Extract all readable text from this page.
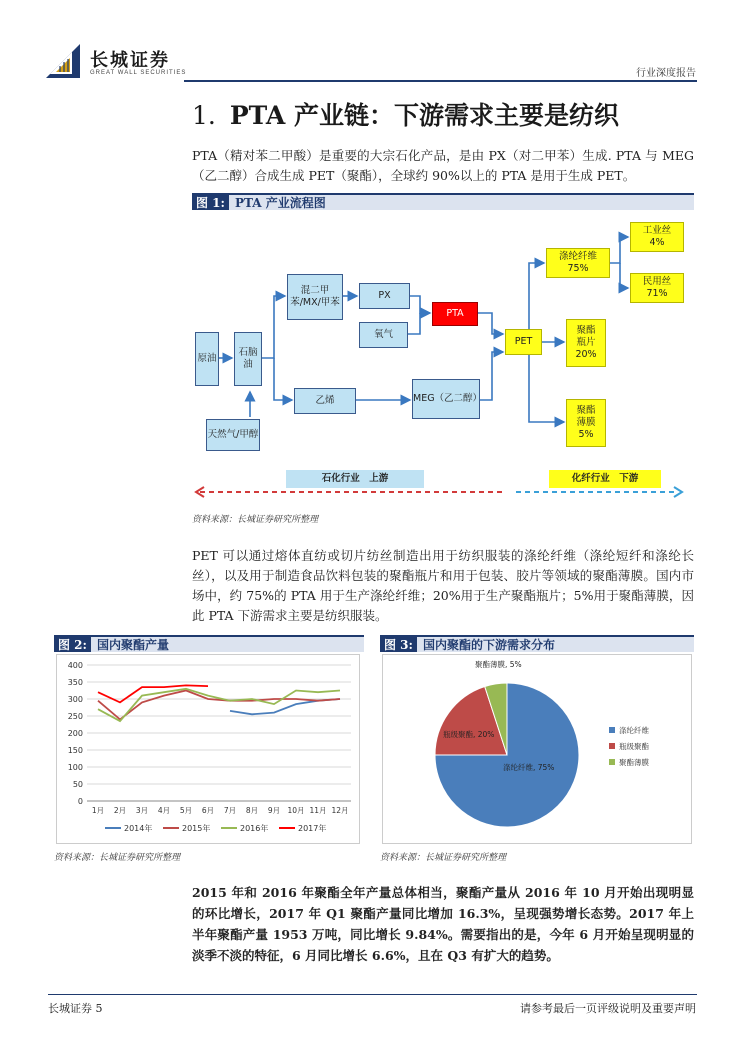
长城证券
GREAT WALL SECURITIES	行业深度报告
1. PTA 产业链：下游需求主要是纺织
PTA（精对苯二甲酸）是重要的大宗石化产品，是由 PX（对二甲苯）生成. PTA 与 MEG（乙二醇）合成生成 PET（聚酯），全球约 90%以上的 PTA 是用于生成 PET。
图 1: PTA 产业流程图
原油
石脑油
天然气/甲醇
混二甲苯/MX/甲苯
PX
氧气
PTA
乙烯	MEG（乙二醇）
PET
涤纶纤维
75%
聚酯瓶片
20%
聚酯薄膜
5%
工业丝
4%
民用丝
71%
石化行业　上游	化纤行业　下游
资料来源：长城证券研究所整理
PET 可以通过熔体直纺或切片纺丝制造出用于纺织服装的涤纶纤维（涤纶短纤和涤纶长丝），以及用于制造食品饮料包装的聚酯瓶片和用于包装、胶片等领域的聚酯薄膜。国内市场中，约 75%的 PTA 用于生产涤纶纤维；20%用于生产聚酯瓶片；5%用于聚酯薄膜，因此 PTA 下游需求主要是纺织服装。
图 2: 国内聚酯产量
0
50
100
150
200
250
300
350
400
1月 2月 3月 4月 5月 6月 7月 8月 9月 10月 11月 12月
2014年	2015年	2016年	2017年
资料来源：长城证券研究所整理
图 3: 国内聚酯的下游需求分布
涤纶纤维, 75%
瓶级聚酯, 20%
聚酯薄膜, 5%
涤纶纤维
瓶级聚酯
聚酯薄膜
资料来源：长城证券研究所整理
2015 年和 2016 年聚酯全年产量总体相当，聚酯产量从 2016 年 10 月开始出现明显的环比增长，2017 年 Q1 聚酯产量同比增加 16.3%，呈现强势增长态势。2017 年上半年聚酯产量 1953 万吨，同比增长 9.84%。需要指出的是，今年 6 月开始呈现明显的淡季不淡的特征，6 月同比增长 6.6%，且在 Q3 有扩大的趋势。
长城证券 5	请参考最后一页评级说明及重要声明
